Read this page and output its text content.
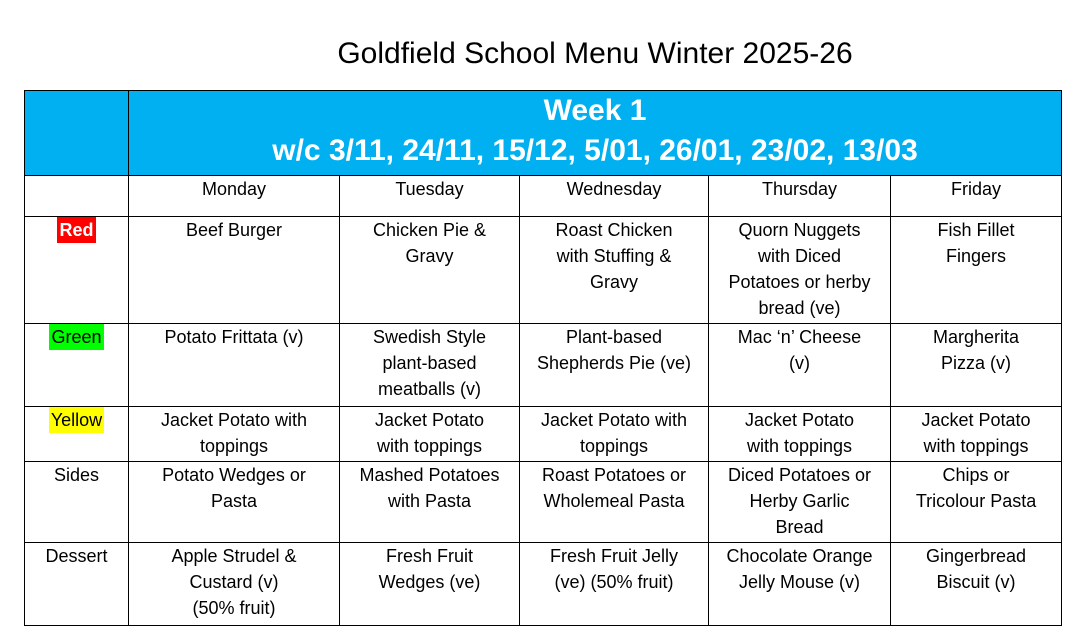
Goldfield School Menu Winter 2025-26

	Week 1
w/c 3/11, 24/11, 15/12, 5/01, 26/01, 23/02, 13/03				

	Monday	Tuesday	Wednesday	Thursday	Friday
Red	Beef Burger	Chicken Pie &
Gravy	Roast Chicken
with Stuffing &
Gravy	Quorn Nuggets
with Diced
Potatoes or herby
bread (ve)	Fish Fillet
Fingers

Green	Potato Frittata (v)	Swedish Style
plant-based
meatballs (v)	Plant-based
Shepherds Pie (ve)	Mac ‘n’ Cheese
(v)	Margherita
Pizza (v)

Yellow	Jacket Potato with
toppings	Jacket Potato
with toppings	Jacket Potato with
toppings	Jacket Potato
with toppings	Jacket Potato
with toppings

Sides	Potato Wedges or
Pasta	Mashed Potatoes
with Pasta	Roast Potatoes or
Wholemeal Pasta	Diced Potatoes or
Herby Garlic
Bread	Chips or
Tricolour Pasta

Dessert	Apple Strudel &
Custard (v)
(50% fruit)	Fresh Fruit
Wedges (ve)	Fresh Fruit Jelly
(ve) (50% fruit)	Chocolate Orange
Jelly Mouse (v)	Gingerbread
Biscuit (v)
